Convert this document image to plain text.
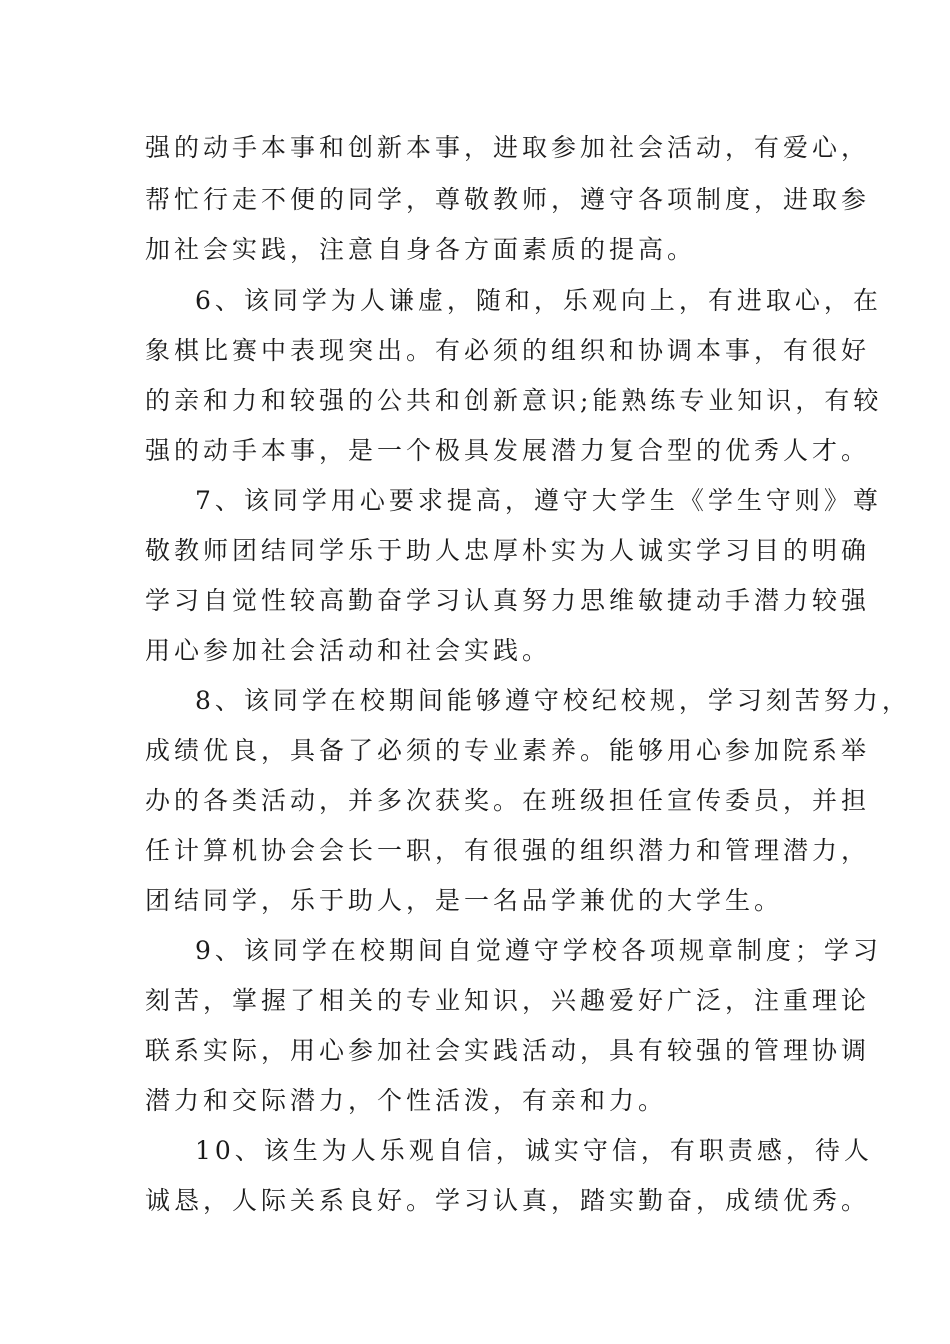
强的动手本事和创新本事，进取参加社会活动，有爱心，

帮忙行走不便的同学，尊敬教师，遵守各项制度，进取参

加社会实践，注意自身各方面素质的提高。

6、该同学为人谦虚，随和，乐观向上，有进取心，在

象棋比赛中表现突出。有必须的组织和协调本事，有很好

的亲和力和较强的公共和创新意识;能熟练专业知识，有较

强的动手本事，是一个极具发展潜力复合型的优秀人才。

7、该同学用心要求提高，遵守大学生《学生守则》尊

敬教师团结同学乐于助人忠厚朴实为人诚实学习目的明确

学习自觉性较高勤奋学习认真努力思维敏捷动手潜力较强

用心参加社会活动和社会实践。

8、该同学在校期间能够遵守校纪校规，学习刻苦努力，

成绩优良，具备了必须的专业素养。能够用心参加院系举

办的各类活动，并多次获奖。在班级担任宣传委员，并担

任计算机协会会长一职，有很强的组织潜力和管理潜力，

团结同学，乐于助人，是一名品学兼优的大学生。

9、该同学在校期间自觉遵守学校各项规章制度；学习

刻苦，掌握了相关的专业知识，兴趣爱好广泛，注重理论

联系实际，用心参加社会实践活动，具有较强的管理协调

潜力和交际潜力，个性活泼，有亲和力。

10、该生为人乐观自信，诚实守信，有职责感，待人

诚恳，人际关系良好。学习认真，踏实勤奋，成绩优秀。
